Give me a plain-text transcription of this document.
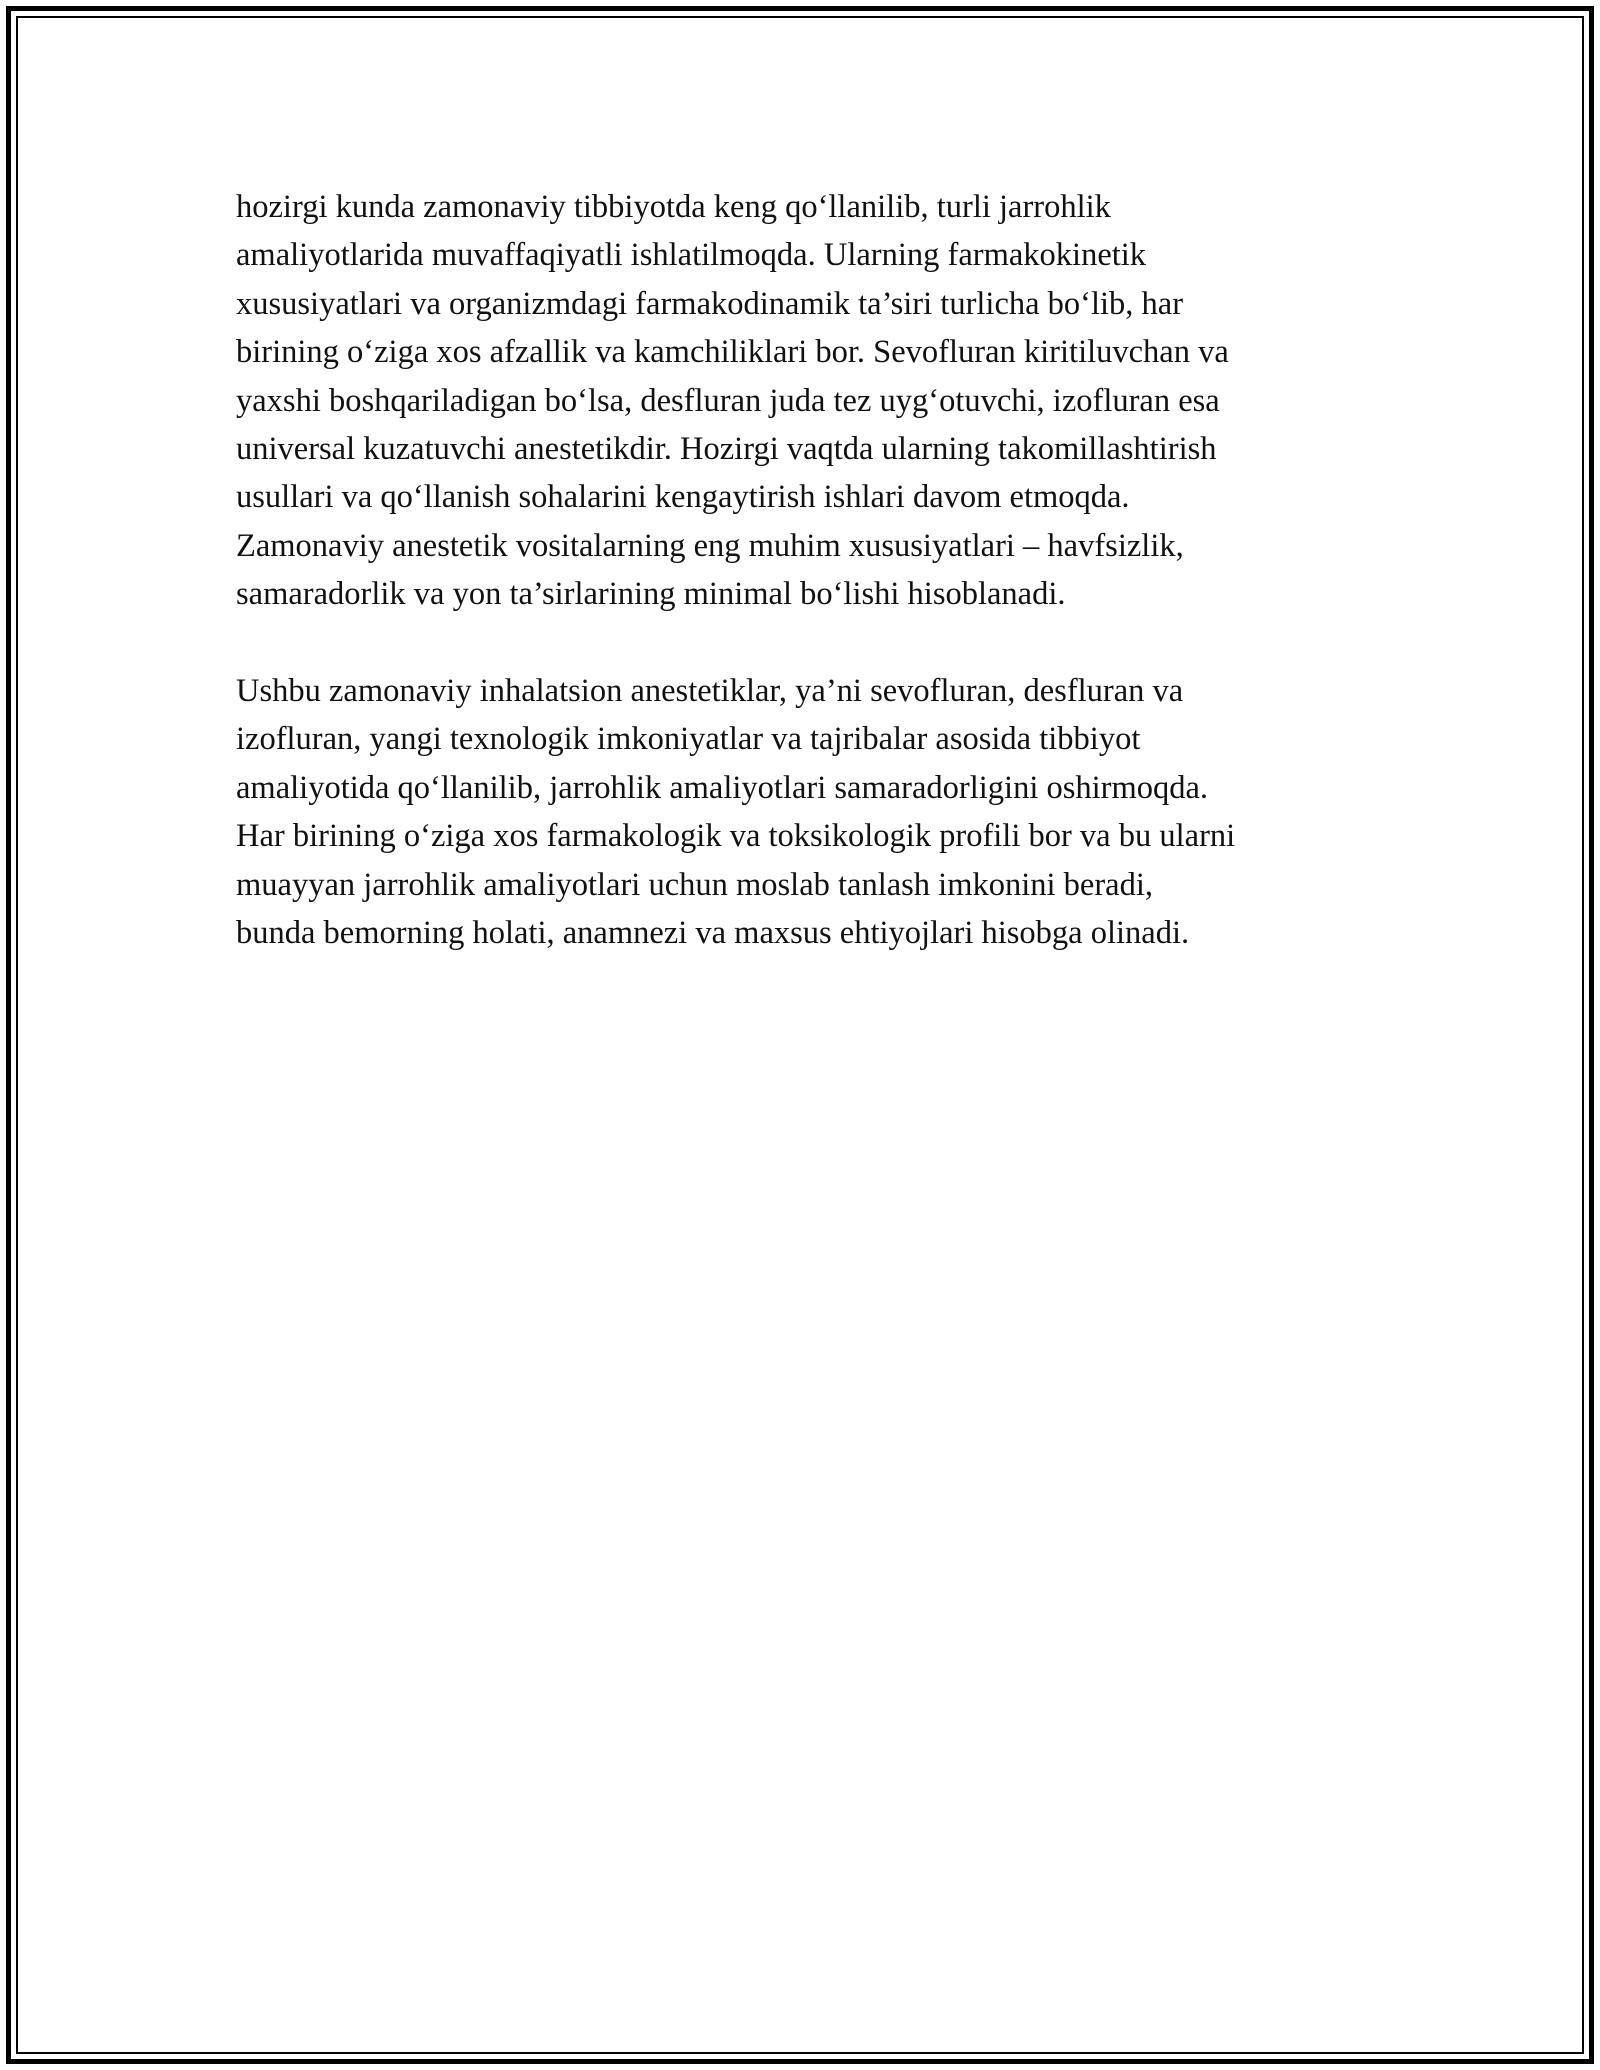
hozirgi kunda zamonaviy tibbiyotda keng qo‘llanilib, turli jarrohlik
amaliyotlarida muvaffaqiyatli ishlatilmoqda. Ularning farmakokinetik
xususiyatlari va organizmdagi farmakodinamik ta’siri turlicha bo‘lib, har
birining o‘ziga xos afzallik va kamchiliklari bor. Sevofluran kiritiluvchan va
yaxshi boshqariladigan bo‘lsa, desfluran juda tez uyg‘otuvchi, izofluran esa
universal kuzatuvchi anestetikdir. Hozirgi vaqtda ularning takomillashtirish
usullari va qo‘llanish sohalarini kengaytirish ishlari davom etmoqda.
Zamonaviy anestetik vositalarning eng muhim xususiyatlari – havfsizlik,
samaradorlik va yon ta’sirlarining minimal bo‘lishi hisoblanadi.

Ushbu zamonaviy inhalatsion anestetiklar, ya’ni sevofluran, desfluran va
izofluran, yangi texnologik imkoniyatlar va tajribalar asosida tibbiyot
amaliyotida qo‘llanilib, jarrohlik amaliyotlari samaradorligini oshirmoqda.
Har birining o‘ziga xos farmakologik va toksikologik profili bor va bu ularni
muayyan jarrohlik amaliyotlari uchun moslab tanlash imkonini beradi,
bunda bemorning holati, anamnezi va maxsus ehtiyojlari hisobga olinadi.
